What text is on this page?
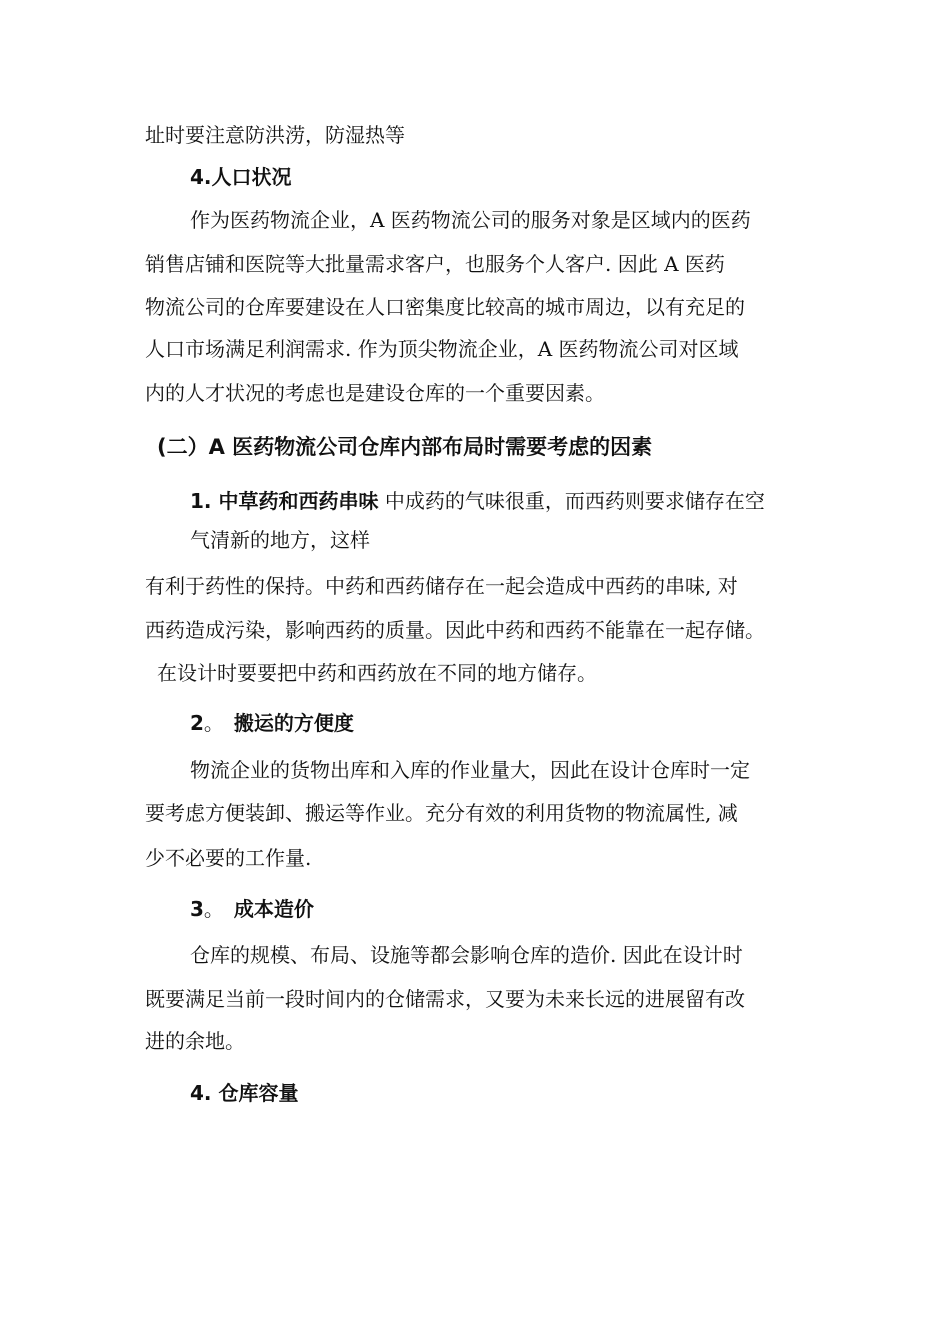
址时要注意防洪涝，防湿热等
4.人口状况
作为医药物流企业，A 医药物流公司的服务对象是区域内的医药
销售店铺和医院等大批量需求客户，也服务个人客户. 因此 A 医药
物流公司的仓库要建设在人口密集度比较高的城市周边，以有充足的
人口市场满足利润需求. 作为顶尖物流企业，A 医药物流公司对区域
内的人才状况的考虑也是建设仓库的一个重要因素。
(二）A 医药物流公司仓库内部布局时需要考虑的因素
1. 中草药和西药串味 中成药的气味很重，而西药则要求储存在空
气清新的地方，这样
有利于药性的保持。中药和西药储存在一起会造成中西药的串味, 对
西药造成污染，影响西药的质量。因此中药和西药不能靠在一起存储。
在设计时要要把中药和西药放在不同的地方储存。
2。 搬运的方便度
物流企业的货物出库和入库的作业量大，因此在设计仓库时一定
要考虑方便装卸、搬运等作业。充分有效的利用货物的物流属性, 减
少不必要的工作量.
3。 成本造价
仓库的规模、布局、设施等都会影响仓库的造价. 因此在设计时
既要满足当前一段时间内的仓储需求，又要为未来长远的进展留有改
进的余地。
4. 仓库容量
